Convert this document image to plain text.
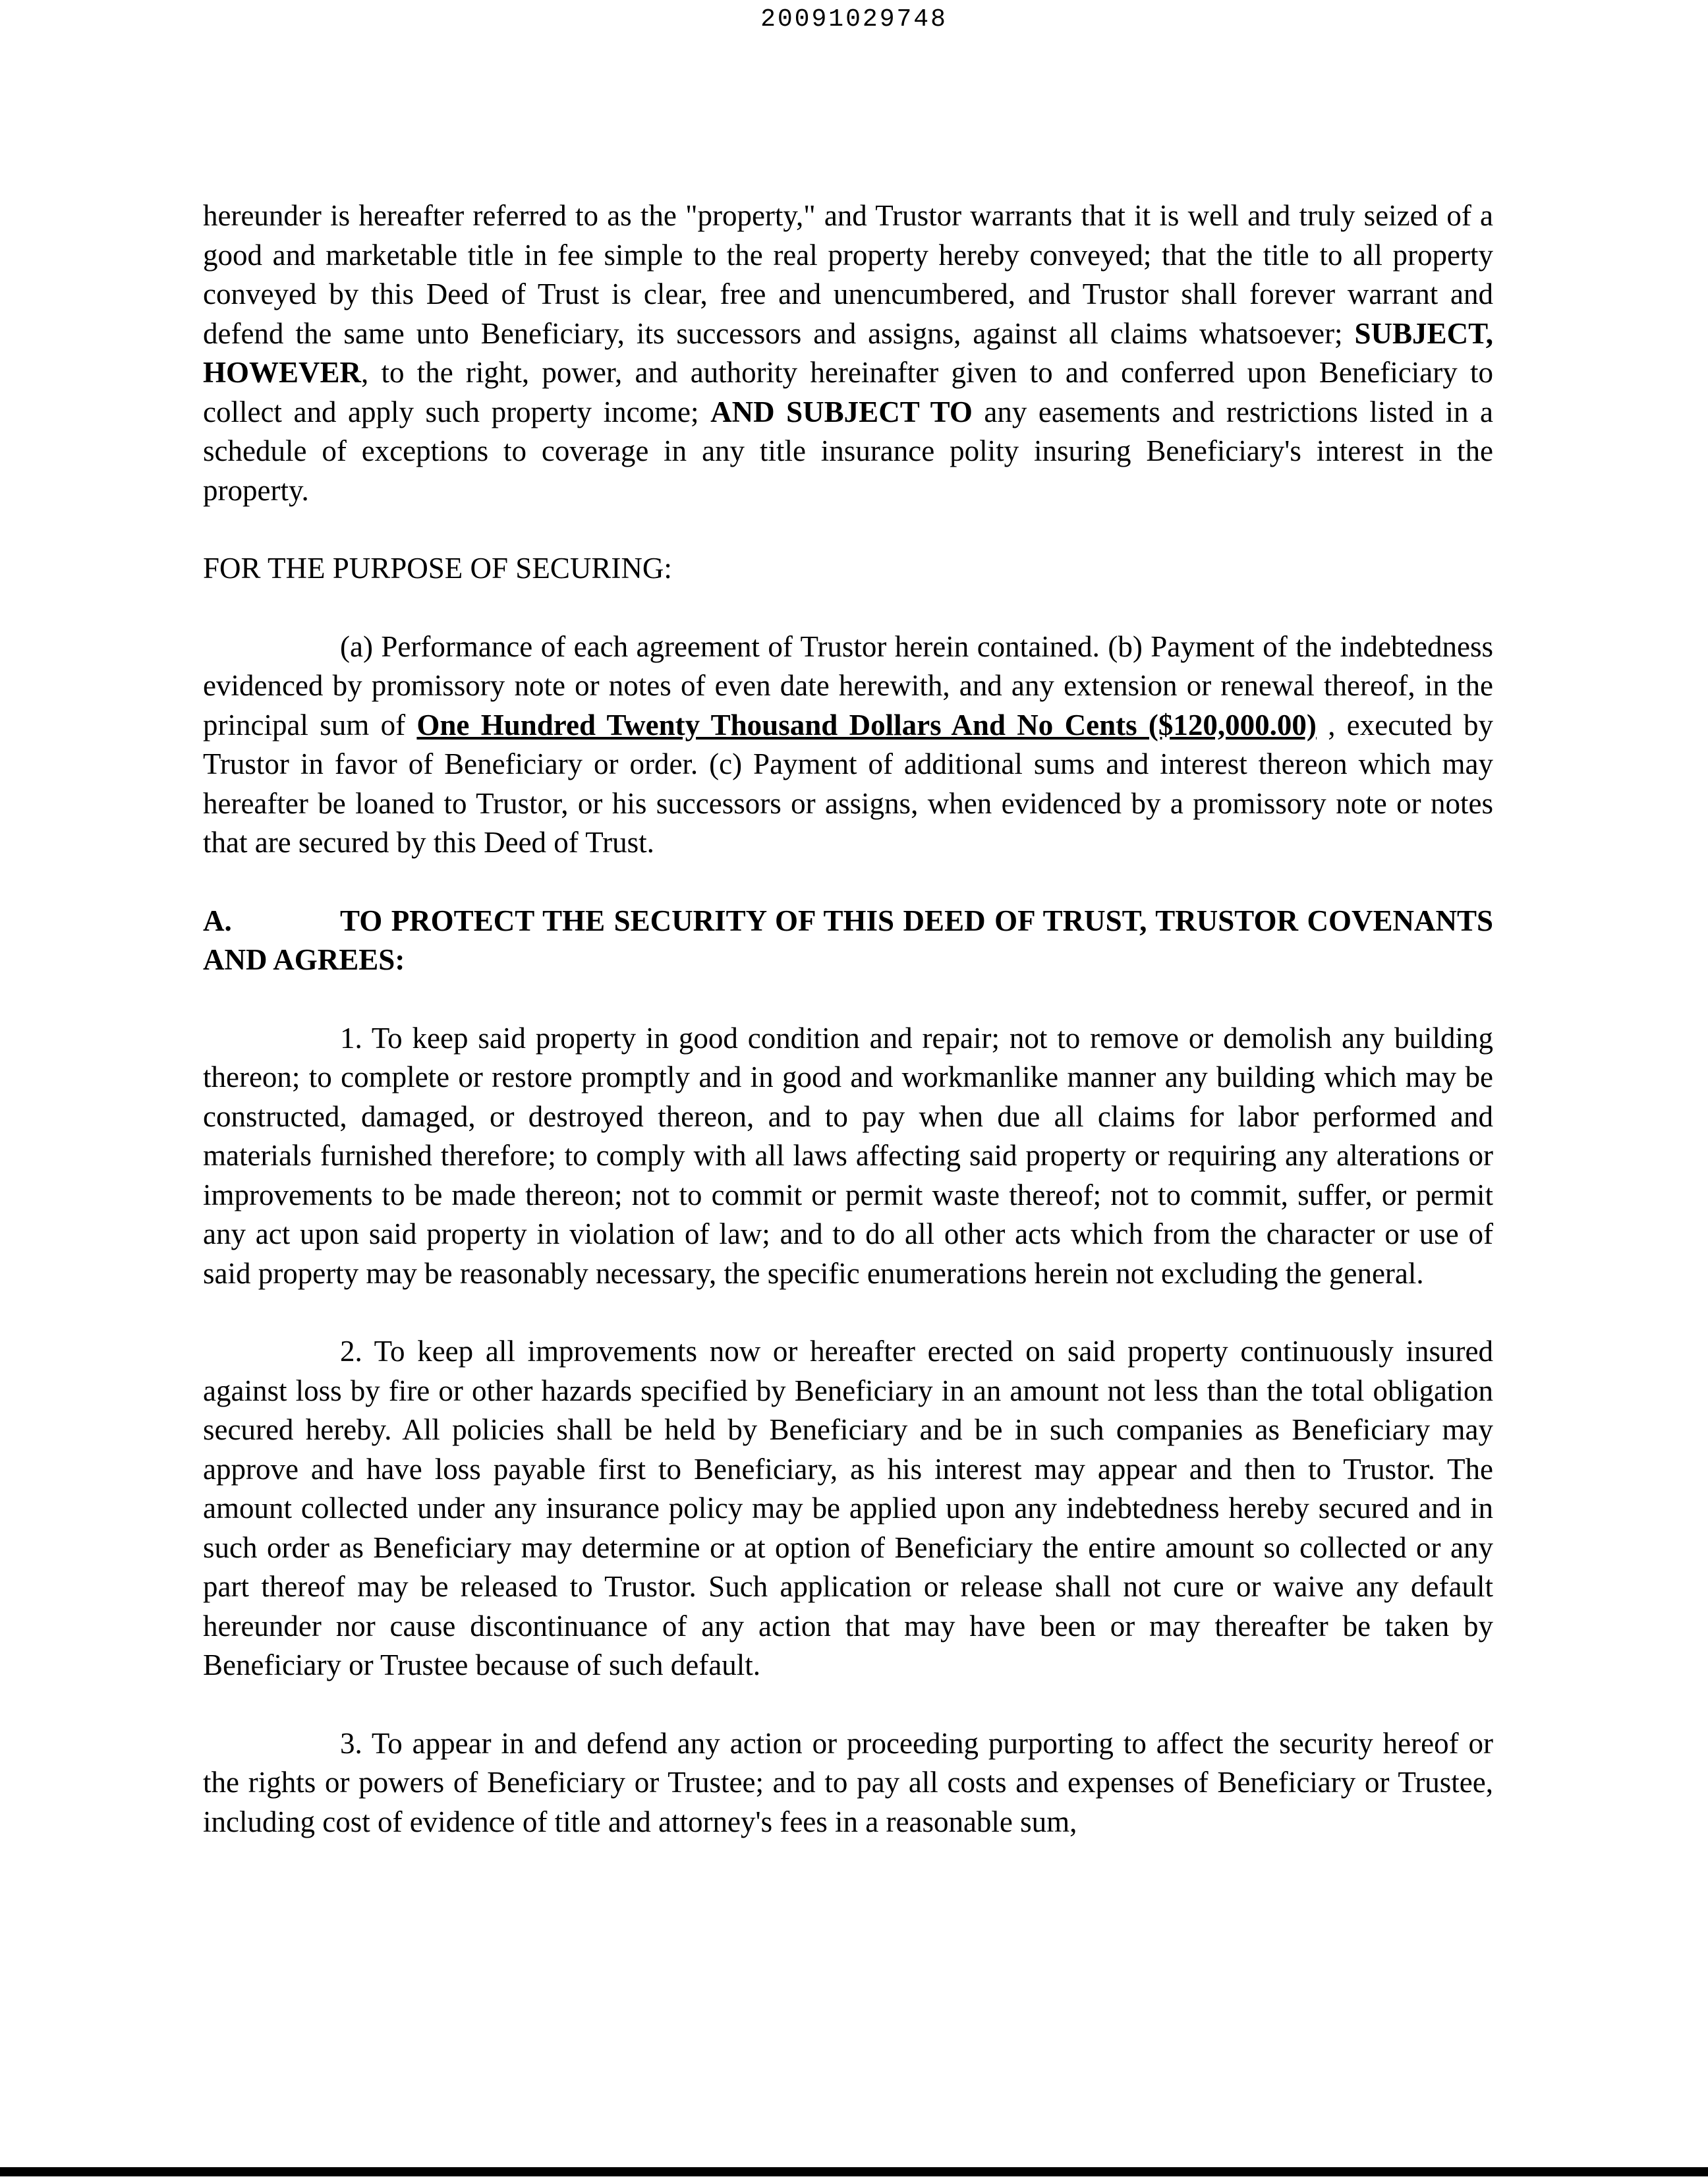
20091029748

hereunder is hereafter referred to as the "property," and Trustor warrants that it is well and truly seized of a good and marketable title in fee simple to the real property hereby conveyed; that the title to all property conveyed by this Deed of Trust is clear, free and unencumbered, and Trustor shall forever warrant and defend the same unto Beneficiary, its successors and assigns, against all claims whatsoever; SUBJECT, HOWEVER, to the right, power, and authority hereinafter given to and conferred upon Beneficiary to collect and apply such property income; AND SUBJECT TO any easements and restrictions listed in a schedule of exceptions to coverage in any title insurance polity insuring Beneficiary's interest in the property.

FOR THE PURPOSE OF SECURING:

(a) Performance of each agreement of Trustor herein contained. (b) Payment of the indebtedness evidenced by promissory note or notes of even date herewith, and any extension or renewal thereof, in the principal sum of One Hundred Twenty Thousand Dollars And No Cents ($120,000.00) , executed by Trustor in favor of Beneficiary or order. (c) Payment of additional sums and interest thereon which may hereafter be loaned to Trustor, or his successors or assigns, when evidenced by a promissory note or notes that are secured by this Deed of Trust.

A.	TO PROTECT THE SECURITY OF THIS DEED OF TRUST, TRUSTOR COVENANTS AND AGREES:

1. To keep said property in good condition and repair; not to remove or demolish any building thereon; to complete or restore promptly and in good and workmanlike manner any building which may be constructed, damaged, or destroyed thereon, and to pay when due all claims for labor performed and materials furnished therefore; to comply with all laws affecting said property or requiring any alterations or improvements to be made thereon; not to commit or permit waste thereof; not to commit, suffer, or permit any act upon said property in violation of law; and to do all other acts which from the character or use of said property may be reasonably necessary, the specific enumerations herein not excluding the general.

2. To keep all improvements now or hereafter erected on said property continuously insured against loss by fire or other hazards specified by Beneficiary in an amount not less than the total obligation secured hereby. All policies shall be held by Beneficiary and be in such companies as Beneficiary may approve and have loss payable first to Beneficiary, as his interest may appear and then to Trustor. The amount collected under any insurance policy may be applied upon any indebtedness hereby secured and in such order as Beneficiary may determine or at option of Beneficiary the entire amount so collected or any part thereof may be released to Trustor. Such application or release shall not cure or waive any default hereunder nor cause discontinuance of any action that may have been or may thereafter be taken by Beneficiary or Trustee because of such default.

3. To appear in and defend any action or proceeding purporting to affect the security hereof or the rights or powers of Beneficiary or Trustee; and to pay all costs and expenses of Beneficiary or Trustee, including cost of evidence of title and attorney's fees in a reasonable sum,
